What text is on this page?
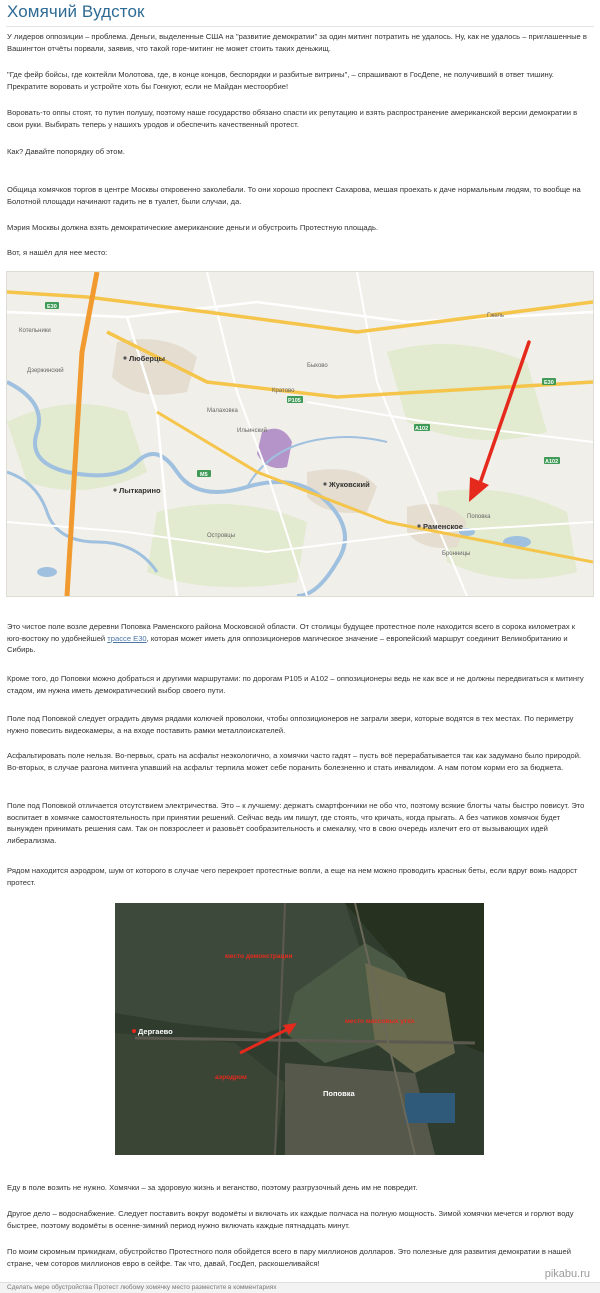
Хомячий Вудсток

У лидеров оппозиции – проблема. Деньги, выделенные США на "развитие демократии" за один митинг потратить не удалось. Ну, как не удалось – приглашенные в Вашингтон отчёты порвали, заявив, что такой горе-митинг не может стоить таких деньжищ.

"Где фейр бойсы, где коктейли Молотова, где, в конце концов, беспорядки и разбитые витрины", – спрашивают в ГосДепе, не получивший в ответ тишину. Прекратите воровать и устройте хоть бы Гонкуют, если не Майдан местоорбие!

Воровать-то оппы стоят, то путин полушу, поэтому наше государство обязано спасти их репутацию и взять распространение американской версии демократии в свои руки. Выбирать теперь у нашихъ уродов и обеспечить качественный протест.

Как? Давайте попорядку об этом.

Общица хомячков торгов в центре Москвы откровенно заколебали. То они хорошо проспект Сахарова, мешая проехать к даче нормальным людям, то вообще на Болотной площади начинают гадить не в туалет, были случаи, да.

Мэрия Москвы должна взять демократические американские деньги и обустроить Протестную площадь.

Вот, я нашёл для нее место:

Е30
Р105
А102
М5
Е30
А102
Люберцы
Жуковский
Лыткарино
Раменское
Дзержинский
Котельники
Малаховка
Быково
Островцы
Кратово
Ильинский
Гжель
Бронницы
Поповка

Это чистое поле возле деревни Поповка Раменского района Московской области. От столицы будущее протестное поле находится всего в сорока километрах к юго-востоку по удобнейшей трассе Е30, которая может иметь для оппозиционеров магическое значение – европейский маршрут соединит Великобританию и Сибирь.

Кроме того, до Поповки можно добраться и другими маршрутами: по дорогам Р105 и А102 – оппозиционеры ведь не как все и не должны передвигаться к митингу стадом, им нужна иметь демократический выбор своего пути.

Поле под Поповкой следует оградить двумя рядами колючей проволоки, чтобы оппозиционеров не заграли звери, которые водятся в тех местах. По периметру нужно повесить видеокамеры, а на входе поставить рамки металлоискателей.

Асфальтировать поле нельзя. Во-первых, срать на асфальт неэкологично, а хомячки часто гадят – пусть всё перерабатывается так как задумано было природой. Во-вторых, в случае разгона митинга упавший на асфальт терпила может себе поранить болезненно и стать инвалидом. А нам потом корми его за бюджета.

Поле под Поповкой отличается отсутствием электричества. Это – к лучшему: держатъ смартфончики не обо что, поэтому всякие блогты чаты быстро повисут. Это воспитает в хомячке самостоятельность при принятии решений. Сейчас ведь им пишут, где стоять, что кричать, когда прыгать. А без чатиков хомячок будет вынужден принимать решения сам. Так он повзрослеет и разовьёт сообразительность и смекалку, что в свою очередь излечит его от вызывающих идей либерализма.

Рядом находится аэродром, шум от которого в случае чего перекроет протестные вопли, а еще на нем можно проводить краснык беты, если вдруг вожь надорст протест.

Дергаево
Поповка
место демонстрации
место массовых утех
аэродром

Еду в поле возить не нужно. Хомячки – за здоровую жизнь и веганство, поэтому разгрузочный день им не повредит.

Другое дело – водоснабжение. Следует поставить вокруг водомёты и включать их каждые полчаса на полную мощность. Зимой хомячки мечется и горлют воду быстрее, поэтому водомёты в осенне-зимний период нужно включать каждые пятнадцать минут.

По моим скромным прикидкам, обустройство Протестного поля обойдется всего в пару миллионов долларов. Это полезные для развития демократии в нашей стране, чем соторов миллионов евро в сейфе. Так что, давай, ГосДеп, раскошеливайся!

pikabu.ru
Сделать мере обустройства Протест любому хомячку место разместите в комментариях
